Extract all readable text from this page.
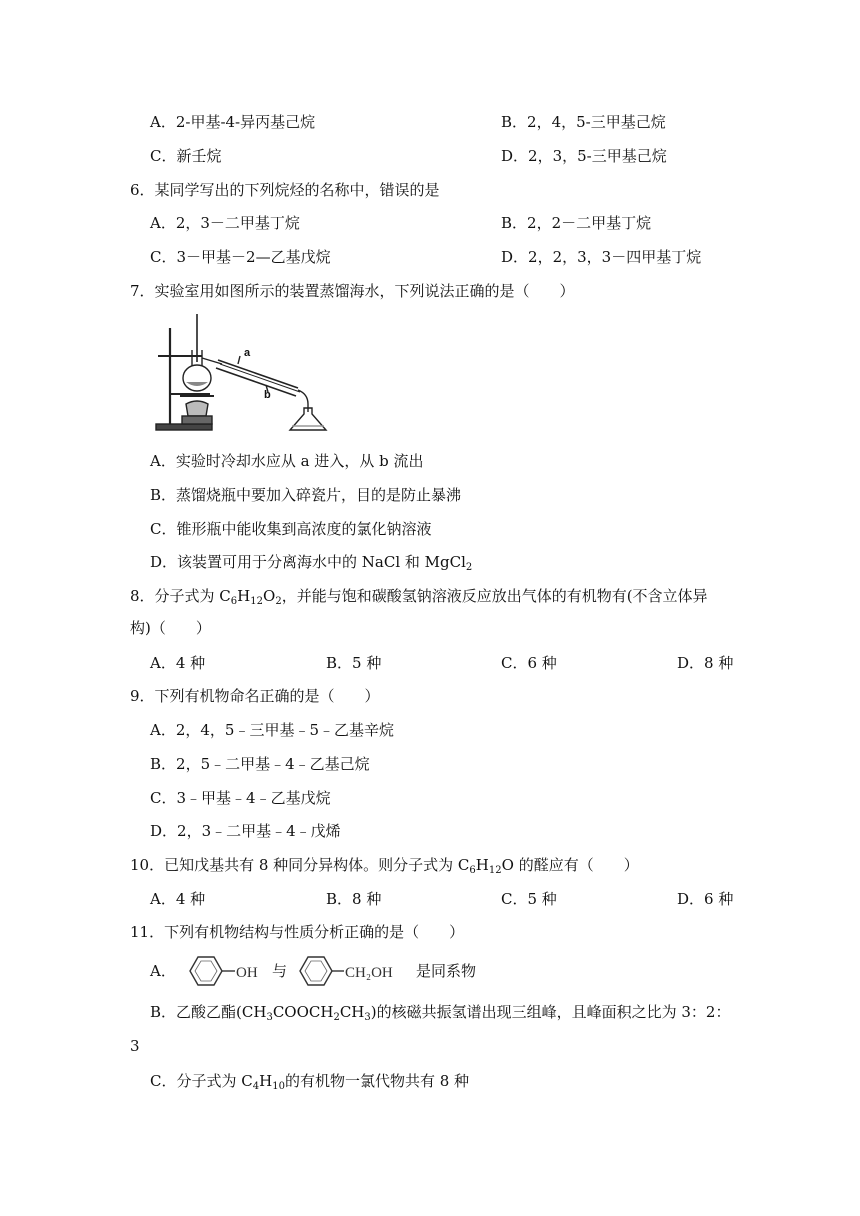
A．2-甲基-4-异丙基己烷	B．2，4，5-三甲基己烷
C．新壬烷	D．2，3，5-三甲基己烷
6．某同学写出的下列烷烃的名称中，错误的是
A．2，3－二甲基丁烷	B．2，2－二甲基丁烷
C．3－甲基－2—乙基戊烷	D．2，2，3，3－四甲基丁烷
7．实验室用如图所示的装置蒸馏海水，下列说法正确的是（　　）
a
b
A．实验时冷却水应从 a 进入，从 b 流出
B．蒸馏烧瓶中要加入碎瓷片，目的是防止暴沸
C．锥形瓶中能收集到高浓度的氯化钠溶液
D．该装置可用于分离海水中的 NaCl 和 MgCl$_2$
8．分子式为 $C_6H_{12}O_2$，并能与饱和碳酸氢钠溶液反应放出气体的有机物有(不含立体异
构)（　　）
A．4 种	B．5 种	C．6 种	D．8 种
9．下列有机物命名正确的是（　　）
A．2，4，5﹣三甲基﹣5﹣乙基辛烷
B．2，5﹣二甲基﹣4﹣乙基己烷
C．3﹣甲基﹣4﹣乙基戊烷
D．2，3﹣二甲基﹣4﹣戊烯
10．已知戊基共有 8 种同分异构体。则分子式为 $C_6H_{12}O$ 的醛应有（　　）
A．4 种	B．8 种	C．5 种	D．6 种
11．下列有机物结构与性质分析正确的是（　　）
A．	OH 与	CH₂OH 是同系物
B．乙酸乙酯$(CH_3COOCH_2CH_3)$的核磁共振氢谱出现三组峰，且峰面积之比为 3：2：
3
C．分子式为 $C_4H_{10}$的有机物一氯代物共有 8 种
